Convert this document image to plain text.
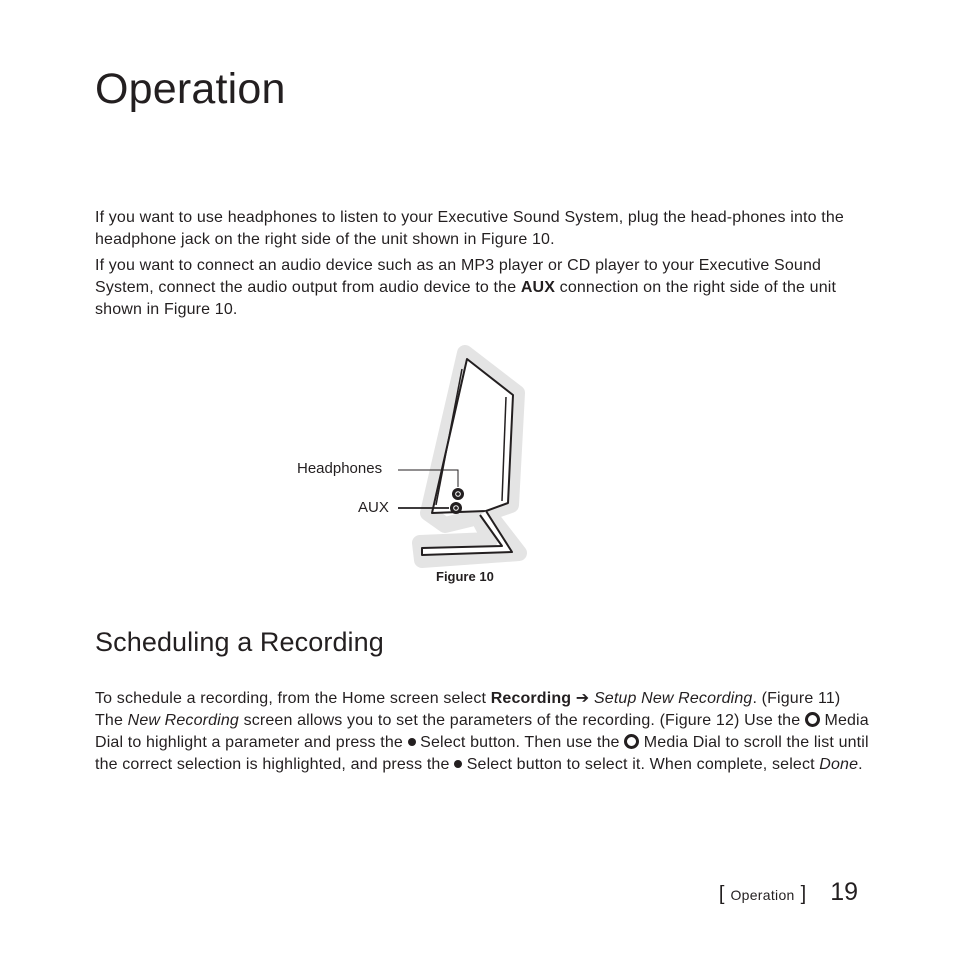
Operation

If you want to use headphones to listen to your Executive Sound System, plug the head-phones into the headphone jack on the right side of the unit shown in Figure 10.

If you want to connect an audio device such as an MP3 player or CD player to your Executive Sound System, connect the audio output from audio device to the AUX connection on the right side of the unit shown in Figure 10.

Headphones
AUX
Figure 10
Scheduling a Recording

To schedule a recording, from the Home screen select Recording ➔ Setup New Recording. (Figure 11) The New Recording screen allows you to set the parameters of the recording. (Figure 12) Use the  Media Dial to highlight a parameter and press the  Select button. Then use the  Media Dial to scroll the list until the correct selection is highlighted, and press the  Select button to select it. When complete, select Done.

[ Operation ] 19
